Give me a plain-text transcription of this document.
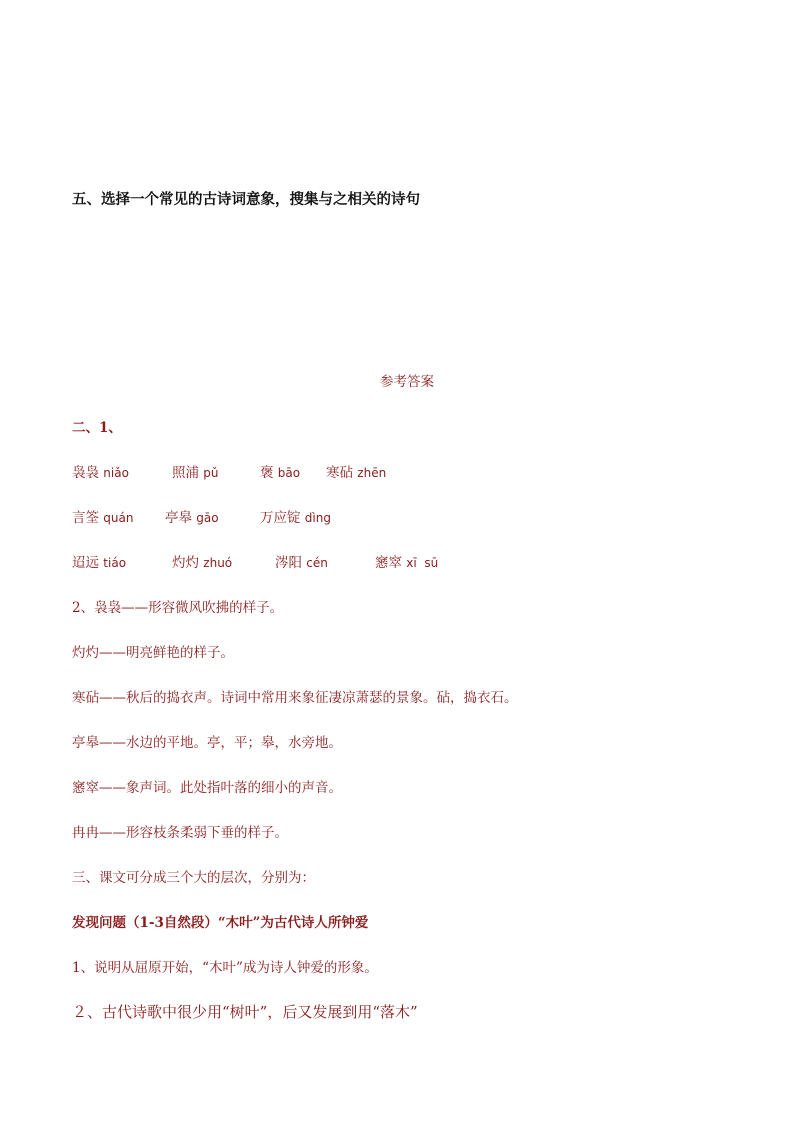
五、选择一个常见的古诗词意象，搜集与之相关的诗句
参考答案
二、1、
袅袅 niǎo	照浦 pǔ	褒 bāo 寒砧 zhēn
言筌 quán 亭皋 gāo	万应锭 dìng
迢远 tiáo	灼灼 zhuó	涔阳 cén	窸窣 xī  sū
2、袅袅——形容微风吹拂的样子。
灼灼——明亮鲜艳的样子。
寒砧——秋后的捣衣声。诗词中常用来象征凄凉萧瑟的景象。砧，捣衣石。
亭皋——水边的平地。亭，平；皋，水旁地。
窸窣——象声词。此处指叶落的细小的声音。
冉冉——形容枝条柔弱下垂的样子。
三、课文可分成三个大的层次，分别为：
发现问题（1-3自然段）“木叶”为古代诗人所钟爱
1、说明从屈原开始，“木叶”成为诗人钟爱的形象。
２、古代诗歌中很少用“树叶”，后又发展到用“落木”
